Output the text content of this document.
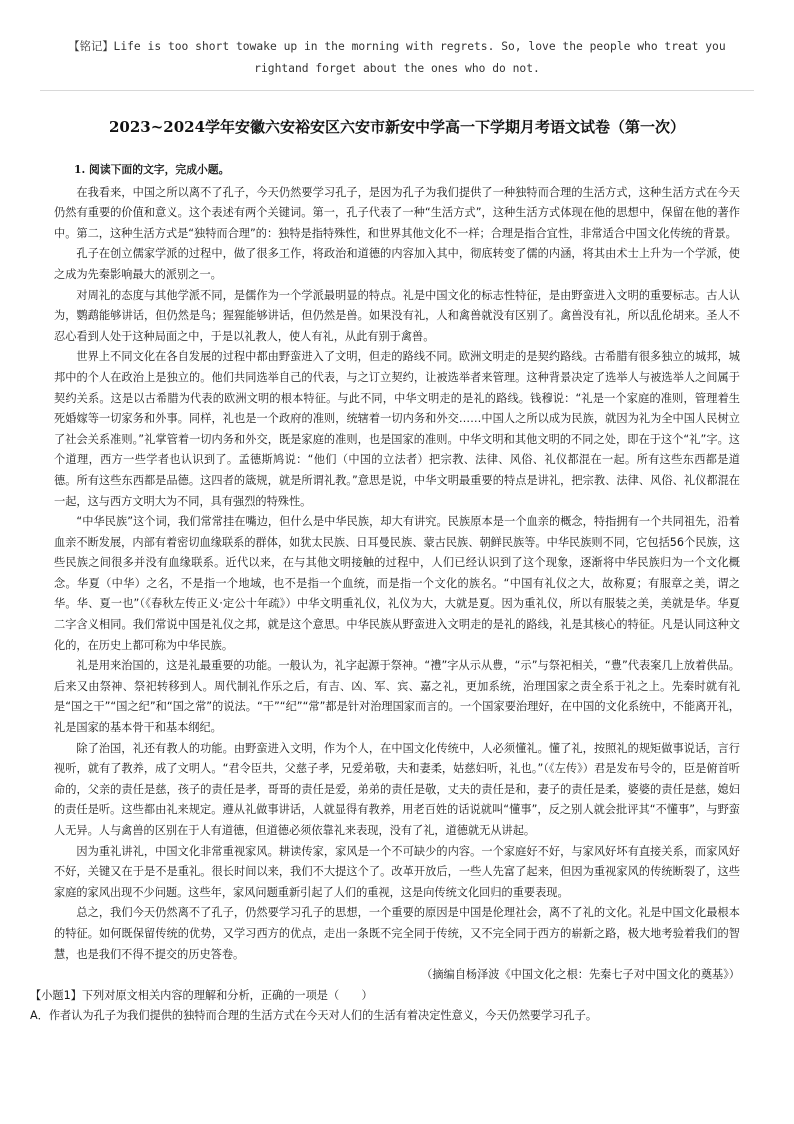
【铭记】Life is too short towake up in the morning with regrets. So, love the people who treat you
rightand forget about the ones who do not.
2023~2024学年安徽六安裕安区六安市新安中学高一下学期月考语文试卷（第一次）
1. 阅读下面的文字，完成小题。

在我看来，中国之所以离不了孔子，今天仍然要学习孔子，是因为孔子为我们提供了一种独特而合理的生活方式，这种生活方式在今天仍然有重要的价值和意义。这个表述有两个关键词。第一，孔子代表了一种“生活方式”，这种生活方式体现在他的思想中，保留在他的著作中。第二，这种生活方式是“独特而合理”的：独特是指特殊性，和世界其他文化不一样；合理是指合宜性，非常适合中国文化传统的背景。

孔子在创立儒家学派的过程中，做了很多工作，将政治和道德的内容加入其中，彻底转变了儒的内涵，将其由术士上升为一个学派，使之成为先秦影响最大的派别之一。

对周礼的态度与其他学派不同，是儒作为一个学派最明显的特点。礼是中国文化的标志性特征，是由野蛮进入文明的重要标志。古人认为，鹦鹉能够讲话，但仍然是鸟；猩猩能够讲话，但仍然是兽。如果没有礼，人和禽兽就没有区别了。禽兽没有礼，所以乱伦胡来。圣人不忍心看到人处于这种局面之中，于是以礼教人，使人有礼，从此有别于禽兽。

世界上不同文化在各自发展的过程中都由野蛮进入了文明，但走的路线不同。欧洲文明走的是契约路线。古希腊有很多独立的城邦，城邦中的个人在政治上是独立的。他们共同选举自己的代表，与之订立契约，让被选举者来管理。这种背景决定了选举人与被选举人之间属于契约关系。这是以古希腊为代表的欧洲文明的根本特征。与此不同，中华文明走的是礼的路线。钱穆说：“礼是一个家庭的准则，管理着生死婚嫁等一切家务和外事。同样，礼也是一个政府的准则，统辖着一切内务和外交……中国人之所以成为民族，就因为礼为全中国人民树立了社会关系准则。”礼掌管着一切内务和外交，既是家庭的准则，也是国家的准则。中华文明和其他文明的不同之处，即在于这个“礼”字。这个道理，西方一些学者也认识到了。孟德斯鸠说：“他们（中国的立法者）把宗教、法律、风俗、礼仪都混在一起。所有这些东西都是道德。所有这些东西都是品德。这四者的箴规，就是所谓礼教。”意思是说，中华文明最重要的特点是讲礼，把宗教、法律、风俗、礼仪都混在一起，这与西方文明大为不同，具有强烈的特殊性。

“中华民族”这个词，我们常常挂在嘴边，但什么是中华民族，却大有讲究。民族原本是一个血亲的概念，特指拥有一个共同祖先，沿着血亲不断发展，内部有着密切血缘联系的群体，如犹太民族、日耳曼民族、蒙古民族、朝鲜民族等。中华民族则不同，它包括56个民族，这些民族之间很多并没有血缘联系。近代以来，在与其他文明接触的过程中，人们已经认识到了这个现象，逐渐将中华民族归为一个文化概念。华夏（中华）之名，不是指一个地域，也不是指一个血统，而是指一个文化的族名。“中国有礼仪之大，故称夏；有服章之美，谓之华。华、夏一也”（《春秋左传正义·定公十年疏》）中华文明重礼仪，礼仪为大，大就是夏。因为重礼仪，所以有服装之美，美就是华。华夏二字含义相同。我们常说中国是礼仪之邦，就是这个意思。中华民族从野蛮进入文明走的是礼的路线，礼是其核心的特征。凡是认同这种文化的，在历史上都可称为中华民族。

礼是用来治国的，这是礼最重要的功能。一般认为，礼字起源于祭神。“禮”字从示从豊，“示”与祭祀相关，“豊”代表案几上放着供品。后来又由祭神、祭祀转移到人。周代制礼作乐之后，有吉、凶、军、宾、嘉之礼，更加系统，治理国家之责全系于礼之上。先秦时就有礼是“国之干”“国之纪”和“国之常”的说法。“干”“纪”“常”都是针对治理国家而言的。一个国家要治理好，在中国的文化系统中，不能离开礼，礼是国家的基本骨干和基本纲纪。

除了治国，礼还有教人的功能。由野蛮进入文明，作为个人，在中国文化传统中，人必须懂礼。懂了礼，按照礼的规矩做事说话，言行视听，就有了教养，成了文明人。“君令臣共，父慈子孝，兄爱弟敬，夫和妻柔，姑慈妇听，礼也。”（《左传》）君是发布号令的，臣是俯首听命的，父亲的责任是慈，孩子的责任是孝，哥哥的责任是爱，弟弟的责任是敬，丈夫的责任是和，妻子的责任是柔，婆婆的责任是慈，媳妇的责任是听。这些都由礼来规定。遵从礼做事讲话，人就显得有教养，用老百姓的话说就叫“懂事”，反之别人就会批评其“不懂事”，与野蛮人无异。人与禽兽的区别在于人有道德，但道德必须依靠礼来表现，没有了礼，道德就无从讲起。

因为重礼讲礼，中国文化非常重视家风。耕读传家，家风是一个不可缺少的内容。一个家庭好不好，与家风好坏有直接关系，而家风好不好，关键又在于是不是重礼。很长时间以来，我们不大提这个了。改革开放后，一些人先富了起来，但因为重视家风的传统断裂了，这些家庭的家风出现不少问题。这些年，家风问题重新引起了人们的重视，这是向传统文化回归的重要表现。

总之，我们今天仍然离不了孔子，仍然要学习孔子的思想，一个重要的原因是中国是伦理社会，离不了礼的文化。礼是中国文化最根本的特征。如何既保留传统的优势，又学习西方的优点，走出一条既不完全同于传统，又不完全同于西方的崭新之路，极大地考验着我们的智慧，也是我们不得不提交的历史答卷。

（摘编自杨泽波《中国文化之根：先秦七子对中国文化的奠基》）

【小题1】下列对原文相关内容的理解和分析，正确的一项是（　　）

A．作者认为孔子为我们提供的独特而合理的生活方式在今天对人们的生活有着决定性意义，今天仍然要学习孔子。
